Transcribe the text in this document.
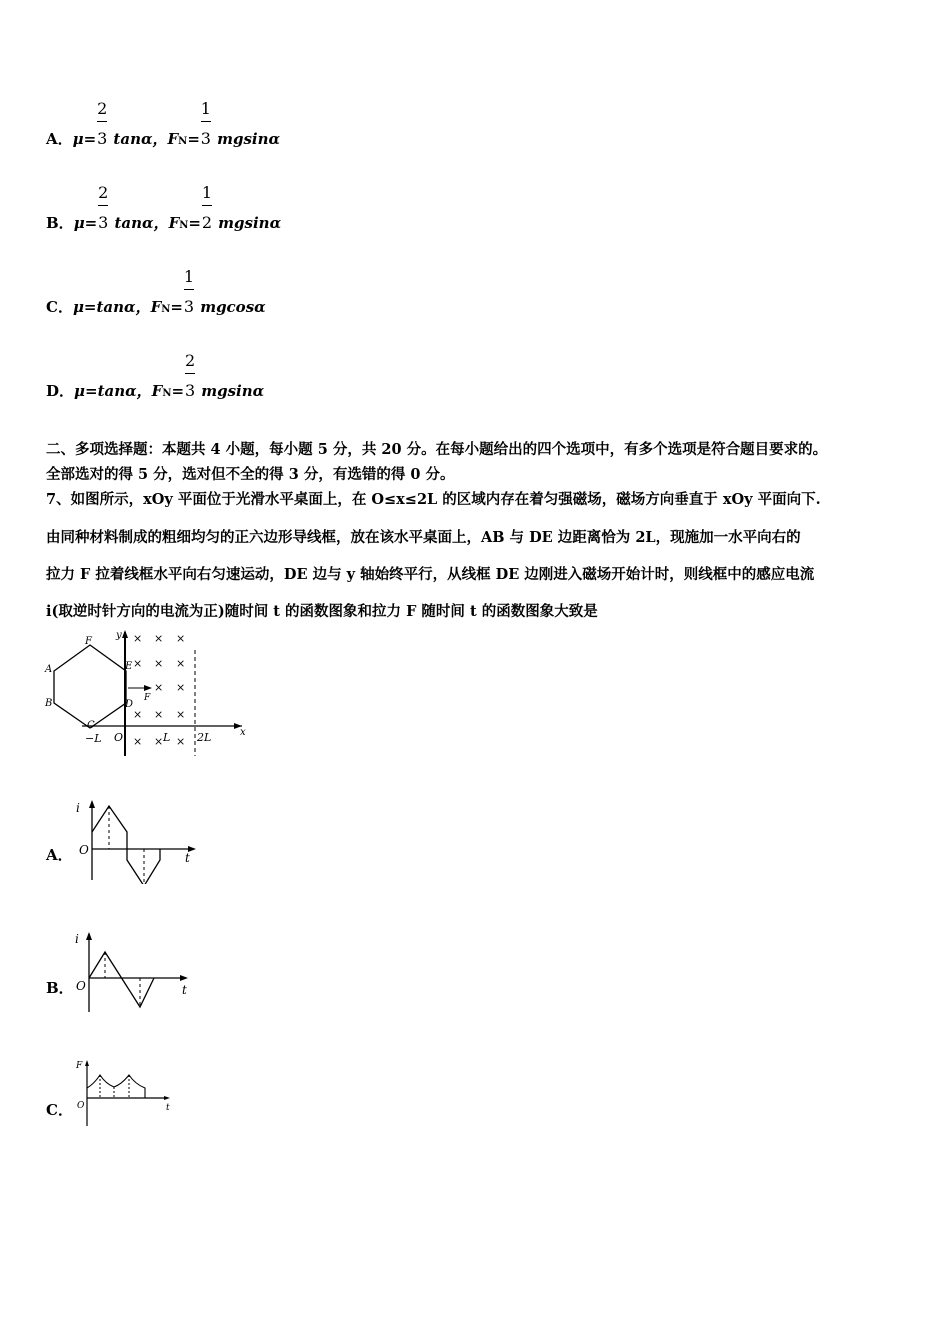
A．$\mu= \frac{2}{3}$ tanα，$FN= \frac{1}{3}$ mgsinα
B．$\mu= \frac{2}{3}$ tanα，$FN= \frac{1}{2}$ mgsinα
C．μ=tanα，$FN= \frac{1}{3}$ mgcosα
D．μ=tanα，$FN= \frac{2}{3}$ mgsinα
二、多项选择题：本题共 4 小题，每小题 5 分，共 20 分。在每小题给出的四个选项中，有多个选项是符合题目要求的。
全部选对的得 5 分，选对但不全的得 3 分，有选错的得 0 分。
7、如图所示，xOy 平面位于光滑水平桌面上，在 O≤x≤2L 的区域内存在着匀强磁场，磁场方向垂直于 xOy 平面向下.
由同种材料制成的粗细均匀的正六边形导线框，放在该水平桌面上，AB 与 DE 边距离恰为 2L，现施加一水平向右的
拉力 F 拉着线框水平向右匀速运动，DE 边与 y 轴始终平行，从线框 DE 边刚进入磁场开始计时，则线框中的感应电流
i(取逆时针方向的电流为正)随时间 t 的函数图象和拉力 F 随时间 t 的函数图象大致是
F
E
A
B	D
C
y
x
O
−L	L 2L
F
× × ×
× × ×
× ×
× × ×
× × ×
A．
i
O
t
B．
i
O	t
C．
F
O	t
